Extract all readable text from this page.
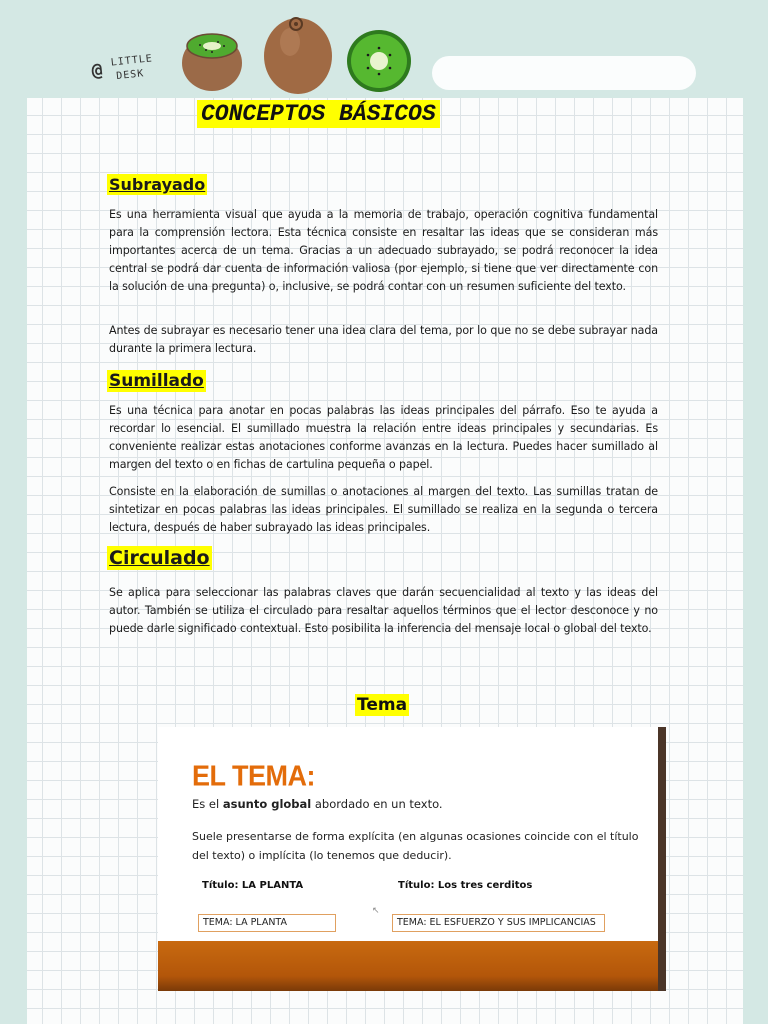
@ LITTLE
DESK
CONCEPTOS BÁSICOS
Subrayado
Es una herramienta visual que ayuda a la memoria de trabajo, operación cognitiva fundamental para la comprensión lectora. Esta técnica consiste en resaltar las ideas que se consideran más importantes acerca de un tema. Gracias a un adecuado subrayado, se podrá reconocer la idea central se podrá dar cuenta de información valiosa (por ejemplo, si tiene que ver directamente con la solución de una pregunta) o, inclusive, se podrá contar con un resumen suficiente del texto.
Antes de subrayar es necesario tener una idea clara del tema, por lo que no se debe subrayar nada durante la primera lectura.
Sumillado
Es una técnica para anotar en pocas palabras las ideas principales del párrafo. Eso te ayuda a recordar lo esencial. El sumillado muestra la relación entre ideas principales y secundarias. Es conveniente realizar estas anotaciones conforme avanzas en la lectura. Puedes hacer sumillado al margen del texto o en fichas de cartulina pequeña o papel.
Consiste en la elaboración de sumillas o anotaciones al margen del texto. Las sumillas tratan de sintetizar en pocas palabras las ideas principales. El sumillado se realiza en la segunda o tercera lectura, después de haber subrayado las ideas principales.
Circulado
Se aplica para seleccionar las palabras claves que darán secuencialidad al texto y las ideas del autor. También se utiliza el circulado para resaltar aquellos términos que el lector desconoce y no puede darle significado contextual. Esto posibilita la inferencia del mensaje local o global del texto.
Tema
EL TEMA:
Es el asunto global abordado en un texto.
Suele presentarse de forma explícita (en algunas ocasiones coincide con el título
del texto) o implícita (lo tenemos que deducir).
Título: LA PLANTA	Título: Los tres cerditos
↖
TEMA: LA PLANTA	TEMA: EL ESFUERZO Y SUS IMPLICANCIAS
